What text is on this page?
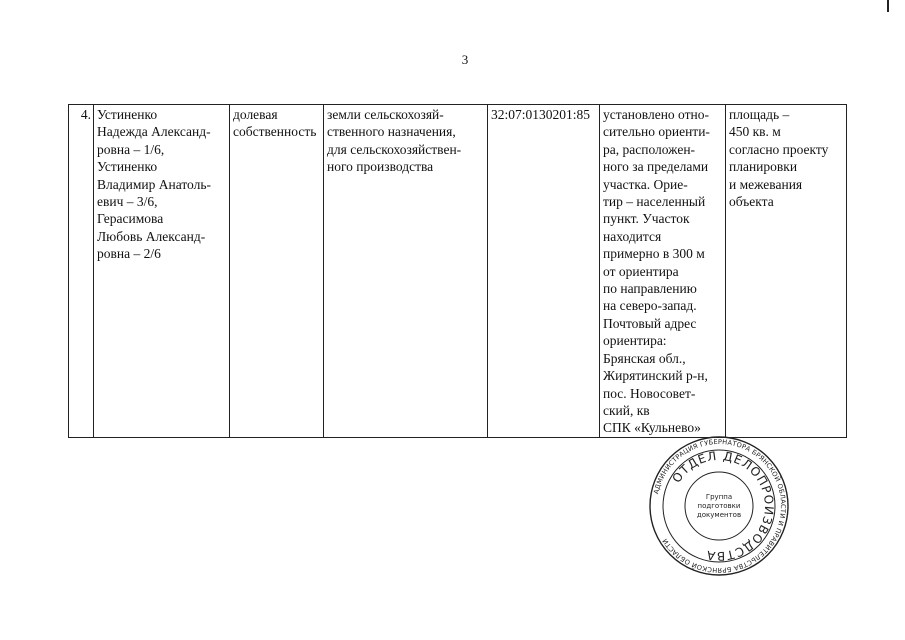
3
4.	Устиненко
Надежда Александ-
ровна – 1/6,
Устиненко
Владимир Анатоль-
евич – 3/6,
Герасимова
Любовь Александ-
ровна – 2/6	долевая
собственность	земли сельскохозяй-
ственного назначения,
для сельскохозяйствен-
ного производства	32:07:0130201:85	установлено отно-
сительно ориенти-
ра, расположен-
ного за пределами
участка. Орие-
тир – населенный
пункт. Участок
находится
примерно в 300 м
от ориентира
по направлению
на северо-запад.
Почтовый адрес
ориентира:
Брянская обл.,
Жирятинский р-н,
пос. Новосовет-
ский, кв
СПК «Кульнево»	площадь –
450 кв. м
согласно проекту
планировки
и межевания
объекта
АДМИНИСТРАЦИЯ ГУБЕРНАТОРА БРЯНСКОЙ ОБЛАСТИ И ПРАВИТЕЛЬСТВА БРЯНСКОЙ ОБЛАСТИ
ОТДЕЛ ДЕЛОПРОИЗВОДСТВА
Группа
подготовки
документов
